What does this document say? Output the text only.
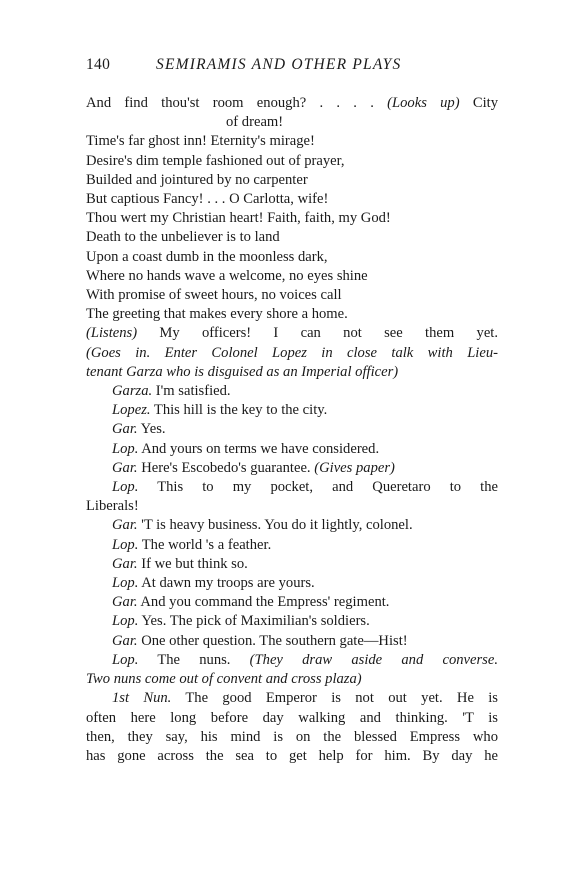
140	SEMIRAMIS AND OTHER PLAYS
And find thou'st room enough? . . . . (Looks up) City
of dream!
Time's far ghost inn! Eternity's mirage!
Desire's dim temple fashioned out of prayer,
Builded and jointured by no carpenter
But captious Fancy! . . . O Carlotta, wife!
Thou wert my Christian heart! Faith, faith, my God!
Death to the unbeliever is to land
Upon a coast dumb in the moonless dark,
Where no hands wave a welcome, no eyes shine
With promise of sweet hours, no voices call
The greeting that makes every shore a home.
(Listens) My officers! I can not see them yet.
(Goes in. Enter Colonel Lopez in close talk with Lieu-
tenant Garza who is disguised as an Imperial officer)
Garza. I'm satisfied.
Lopez. This hill is the key to the city.
Gar. Yes.
Lop. And yours on terms we have considered.
Gar. Here's Escobedo's guarantee. (Gives paper)
Lop. This to my pocket, and Queretaro to the
Liberals!
Gar. 'T is heavy business. You do it lightly, colonel.
Lop. The world 's a feather.
Gar. If we but think so.
Lop. At dawn my troops are yours.
Gar. And you command the Empress' regiment.
Lop. Yes. The pick of Maximilian's soldiers.
Gar. One other question. The southern gate—Hist!
Lop. The nuns. (They draw aside and converse.
Two nuns come out of convent and cross plaza)
1st Nun. The good Emperor is not out yet. He is
often here long before day walking and thinking. 'T is
then, they say, his mind is on the blessed Empress who
has gone across the sea to get help for him. By day he
